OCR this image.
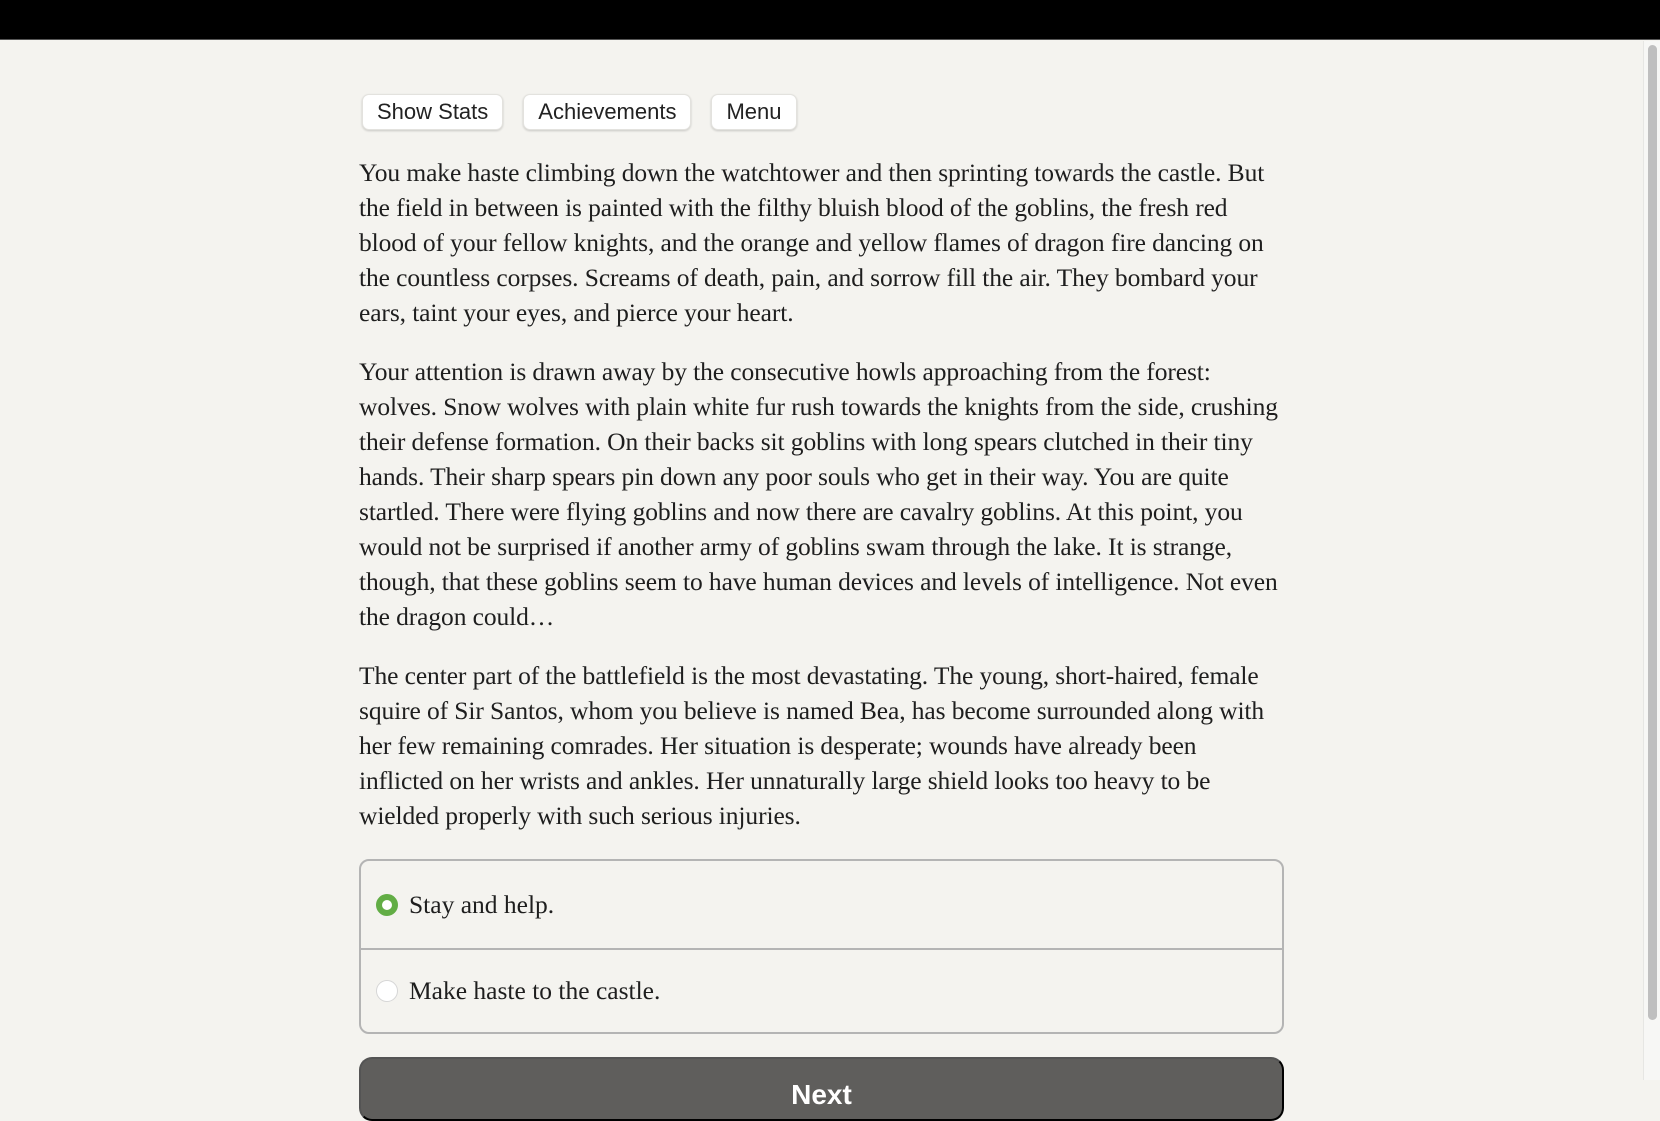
Show Stats	Achievements	Menu

You make haste climbing down the watchtower and then sprinting towards the castle. But the field in between is painted with the filthy bluish blood of the goblins, the fresh red blood of your fellow knights, and the orange and yellow flames of dragon fire dancing on the countless corpses. Screams of death, pain, and sorrow fill the air. They bombard your ears, taint your eyes, and pierce your heart.

Your attention is drawn away by the consecutive howls approaching from the forest: wolves. Snow wolves with plain white fur rush towards the knights from the side, crushing their defense formation. On their backs sit goblins with long spears clutched in their tiny hands. Their sharp spears pin down any poor souls who get in their way. You are quite startled. There were flying goblins and now there are cavalry goblins. At this point, you would not be surprised if another army of goblins swam through the lake. It is strange, though, that these goblins seem to have human devices and levels of intelligence. Not even the dragon could…

The center part of the battlefield is the most devastating. The young, short-haired, female squire of Sir Santos, whom you believe is named Bea, has become surrounded along with her few remaining comrades. Her situation is desperate; wounds have already been inflicted on her wrists and ankles. Her unnaturally large shield looks too heavy to be wielded properly with such serious injuries.

Stay and help.
Make haste to the castle.
Next
